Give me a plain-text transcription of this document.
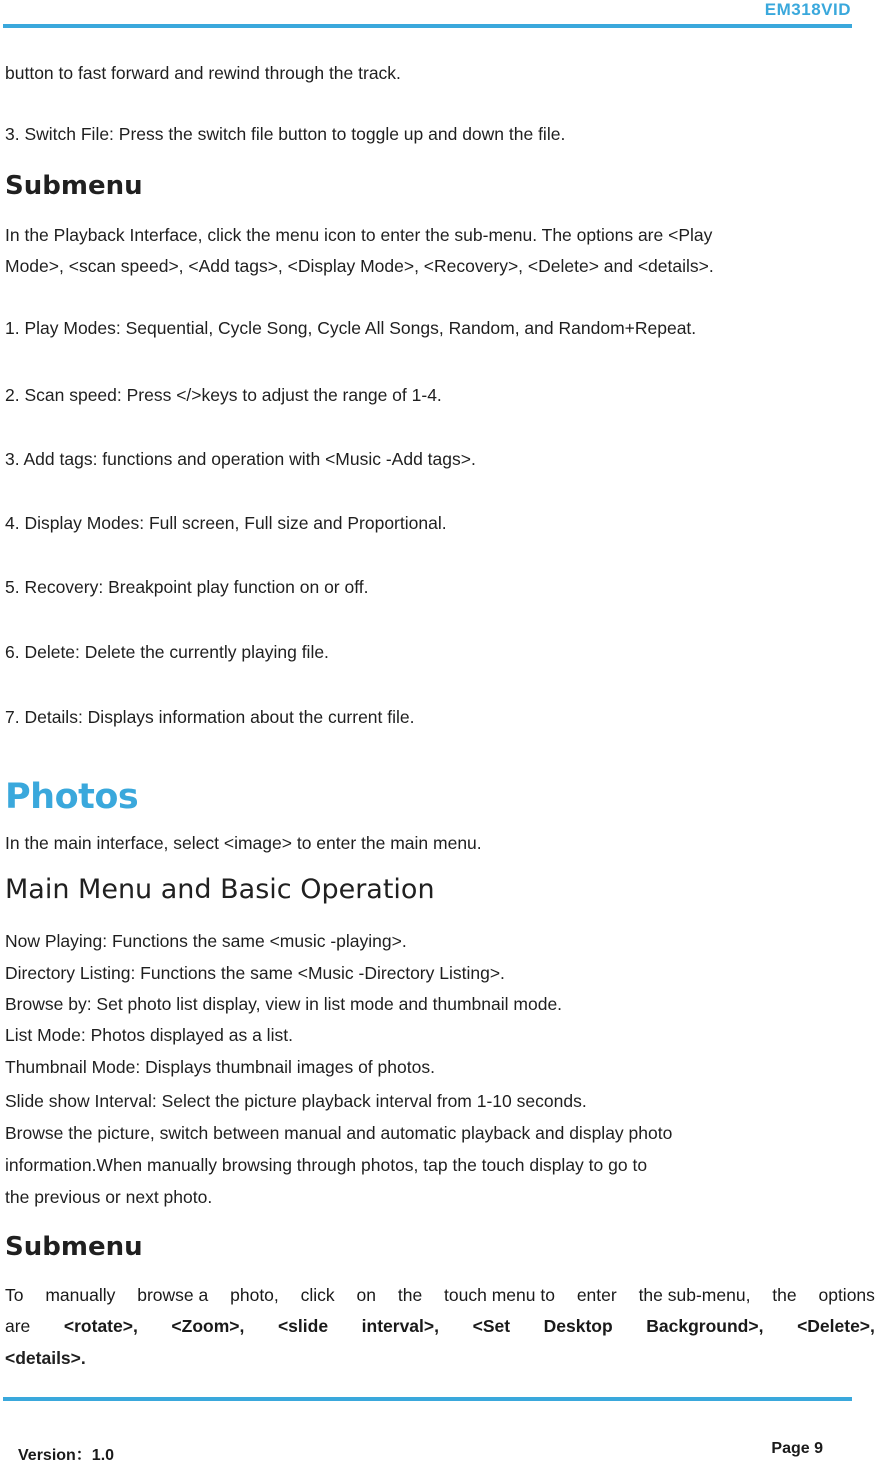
EM318VID
button to fast forward and rewind through the track.
3. Switch File: Press the switch file button to toggle up and down the file.
Submenu
In the Playback Interface, click the menu icon to enter the sub-menu. The options are <Play
Mode>, <scan speed>, <Add tags>, <Display Mode>, <Recovery>, <Delete> and <details>.
1. Play Modes: Sequential, Cycle Song, Cycle All Songs, Random, and Random+Repeat.
2. Scan speed: Press </>keys to adjust the range of 1-4.
3. Add tags: functions and operation with <Music -Add tags>.
4. Display Modes: Full screen, Full size and Proportional.
5. Recovery: Breakpoint play function on or off.
6. Delete: Delete the currently playing file.
7. Details: Displays information about the current file.
Photos
In the main interface, select <image> to enter the main menu.
Main Menu and Basic Operation
Now Playing: Functions the same <music -playing>.
Directory Listing: Functions the same <Music -Directory Listing>.
Browse by: Set photo list display, view in list mode and thumbnail mode.
List Mode: Photos displayed as a list.
Thumbnail Mode: Displays thumbnail images of photos.
Slide show Interval: Select the picture playback interval from 1-10 seconds.
Browse the picture, switch between manual and automatic playback and display photo
information.When manually browsing through photos, tap the touch display to go to
the previous or next photo.
Submenu
To manually browse a photo, click on the touch menu to enter the sub-menu, the options
are <rotate>, <Zoom>, <slide interval>, <Set Desktop Background>, <Delete>,
<details>.
Version：1.0	Page 9
